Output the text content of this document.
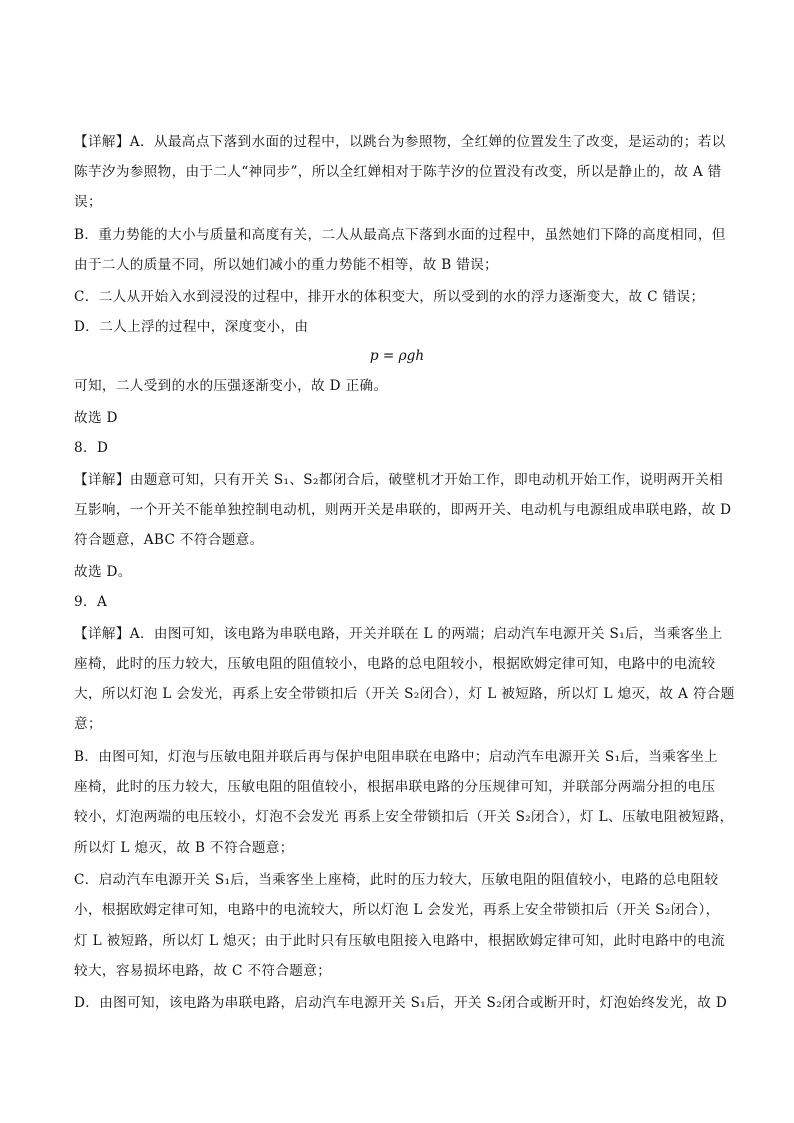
【详解】A．从最高点下落到水面的过程中，以跳台为参照物，全红婵的位置发生了改变，是运动的；若以
陈芋汐为参照物，由于二人“神同步”，所以全红婵相对于陈芋汐的位置没有改变，所以是静止的，故 A 错
误；
B．重力势能的大小与质量和高度有关，二人从最高点下落到水面的过程中，虽然她们下降的高度相同，但
由于二人的质量不同，所以她们减小的重力势能不相等，故 B 错误；
C．二人从开始入水到浸没的过程中，排开水的体积变大，所以受到的水的浮力逐渐变大，故 C 错误；
D．二人上浮的过程中，深度变小，由
p = ρgh
可知，二人受到的水的压强逐渐变小，故 D 正确。
故选 D
8．D
【详解】由题意可知，只有开关 S₁、S₂都闭合后，破壁机才开始工作，即电动机开始工作，说明两开关相
互影响，一个开关不能单独控制电动机，则两开关是串联的，即两开关、电动机与电源组成串联电路，故 D
符合题意，ABC 不符合题意。
故选 D。
9．A
【详解】A．由图可知，该电路为串联电路，开关并联在 L 的两端；启动汽车电源开关 S₁后，当乘客坐上
座椅，此时的压力较大，压敏电阻的阻值较小，电路的总电阻较小，根据欧姆定律可知，电路中的电流较
大，所以灯泡 L 会发光，再系上安全带锁扣后（开关 S₂闭合），灯 L 被短路，所以灯 L 熄灭，故 A 符合题
意；
B．由图可知，灯泡与压敏电阻并联后再与保护电阻串联在电路中；启动汽车电源开关 S₁后，当乘客坐上
座椅，此时的压力较大，压敏电阻的阻值较小，根据串联电路的分压规律可知，并联部分两端分担的电压
较小，灯泡两端的电压较小，灯泡不会发光 再系上安全带锁扣后（开关 S₂闭合），灯 L、压敏电阻被短路，
所以灯 L 熄灭，故 B 不符合题意；
C．启动汽车电源开关 S₁后，当乘客坐上座椅，此时的压力较大，压敏电阻的阻值较小，电路的总电阻较
小，根据欧姆定律可知，电路中的电流较大，所以灯泡 L 会发光，再系上安全带锁扣后（开关 S₂闭合），
灯 L 被短路，所以灯 L 熄灭；由于此时只有压敏电阻接入电路中，根据欧姆定律可知，此时电路中的电流
较大，容易损坏电路，故 C 不符合题意；
D．由图可知，该电路为串联电路，启动汽车电源开关 S₁后，开关 S₂闭合或断开时，灯泡始终发光，故 D
